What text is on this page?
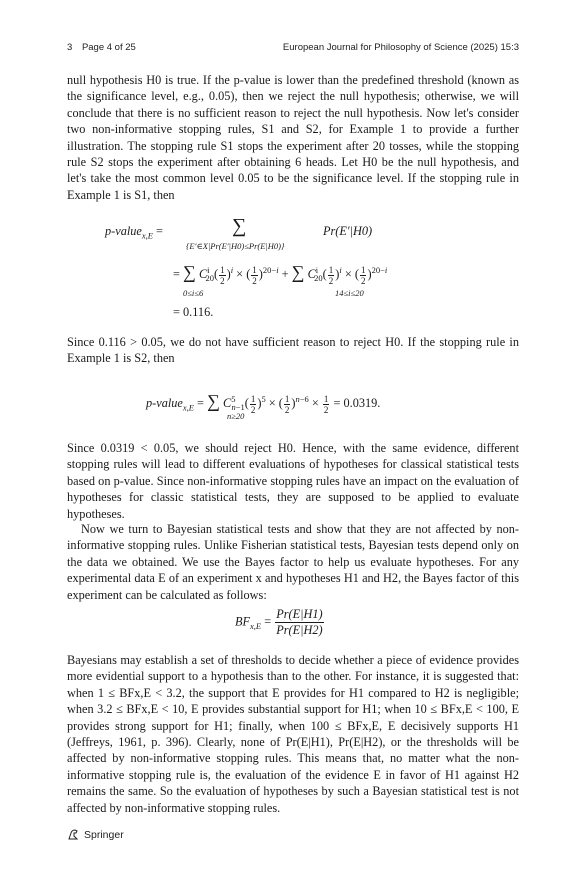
3 Page 4 of 25	European Journal for Philosophy of Science (2025) 15:3
null hypothesis H0 is true. If the p-value is lower than the predefined threshold (known as the significance level, e.g., 0.05), then we reject the null hypothesis; otherwise, we will conclude that there is no sufficient reason to reject the null hypothesis. Now let's consider two non-informative stopping rules, S1 and S2, for Example 1 to provide a further illustration. The stopping rule S1 stops the experiment after 20 tosses, while the stopping rule S2 stops the experiment after obtaining 6 heads. Let H0 be the null hypothesis, and let's take the most common level 0.05 to be the significance level. If the stopping rule in Example 1 is S1, then
p-value$_{x,E}$ =	∑
{E′∈X|Pr(E′|H0)≤Pr(E|H0)}
Pr(E′|H0)
= ∑ $C^i_{20}( \frac{1}{2} )^i$ × ( $\frac{1}{2} )^{20-i}$ + ∑ $C^i_{20}( \frac{1}{2} )^i$ × ( $\frac{1}{2} )^{20-i}$
0≤i≤6	14≤i≤20
= 0.116.
Since 0.116 > 0.05, we do not have sufficient reason to reject H0. If the stopping rule in Example 1 is S2, then
p-value$_{x,E}$ = ∑ $C^5_{n-1}( \frac{1}{2} )^5$ × ( $\frac{1}{2} )^{n-6} \times \frac{1}{2} = 0.0319$.
n≥20
Since 0.0319 < 0.05, we should reject H0. Hence, with the same evidence, different stopping rules will lead to different evaluations of hypotheses for classical statistical tests based on p-value. Since non-informative stopping rules have an impact on the evaluation of hypotheses for classic statistical tests, they are supposed to be applied to evaluate hypotheses.
Now we turn to Bayesian statistical tests and show that they are not affected by non-informative stopping rules. Unlike Fisherian statistical tests, Bayesian tests depend only on the data we obtained. We use the Bayes factor to help us evaluate hypotheses. For any experimental data E of an experiment x and hypotheses H1 and H2, the Bayes factor of this experiment can be calculated as follows:
$BF_{x,E} = \frac{Pr(E|H1)}{Pr(E|H2)}$
Bayesians may establish a set of thresholds to decide whether a piece of evidence provides more evidential support to a hypothesis than to the other. For instance, it is suggested that: when 1 ≤ BFx,E < 3.2, the support that E provides for H1 compared to H2 is negligible; when 3.2 ≤ BFx,E < 10, E provides substantial support for H1; when 10 ≤ BFx,E < 100, E provides strong support for H1; finally, when 100 ≤ BFx,E, E decisively supports H1 (Jeffreys, 1961, p. 396). Clearly, none of Pr(E|H1), Pr(E|H2), or the thresholds will be affected by non-informative stopping rules. This means that, no matter what the non-informative stopping rule is, the evaluation of the evidence E in favor of H1 against H2 remains the same. So the evaluation of hypotheses by such a Bayesian statistical test is not affected by non-informative stopping rules.
Springer
